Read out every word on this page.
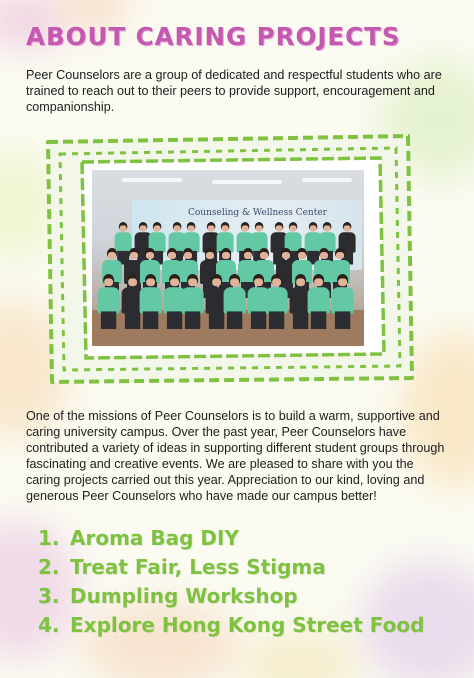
ABOUT CARING PROJECTS
Peer Counselors are a group of dedicated and respectful students who are trained to reach out to their peers to provide support, encouragement and companionship.
Counseling & Wellness Center
One of the missions of Peer Counselors is to build a warm, supportive and caring university campus. Over the past year, Peer Counselors have contributed a variety of ideas in supporting different student groups through fascinating and creative events. We are pleased to share with you the caring projects carried out this year. Appreciation to our kind, loving and generous Peer Counselors who have made our campus better!
1. Aroma Bag DIY
2. Treat Fair, Less Stigma
3. Dumpling Workshop
4. Explore Hong Kong Street Food
